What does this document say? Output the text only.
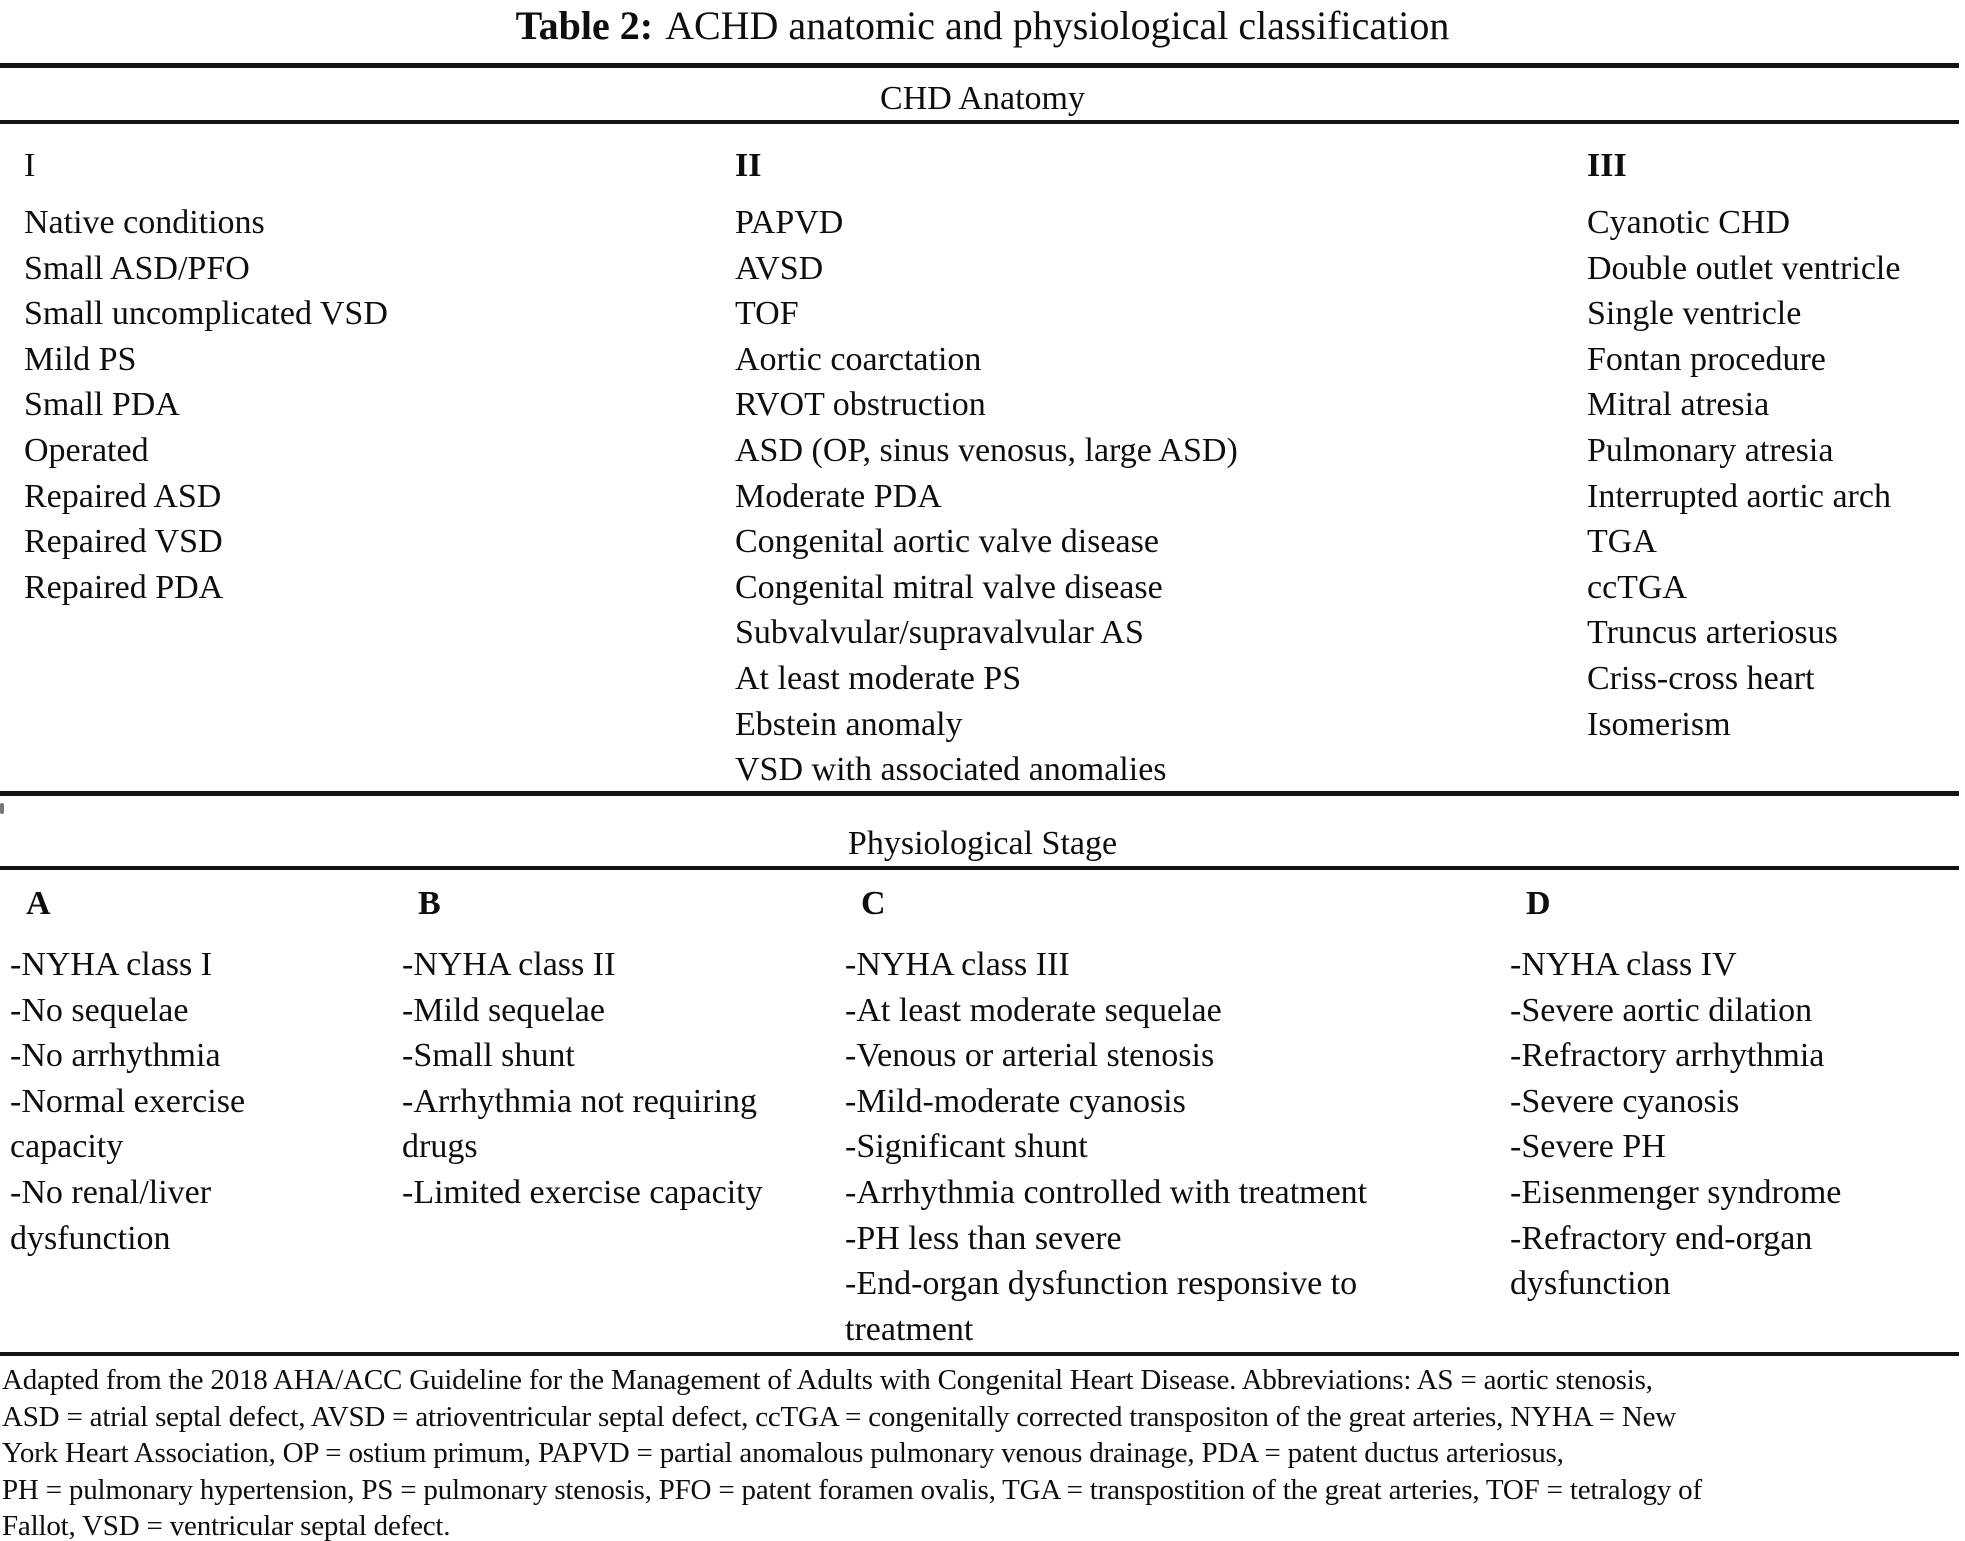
Table 2: ACHD anatomic and physiological classification
CHD Anatomy
I
Native conditions
Small ASD/PFO
Small uncomplicated VSD
Mild PS
Small PDA
Operated
Repaired ASD
Repaired VSD
Repaired PDA
II
PAPVD
AVSD
TOF
Aortic coarctation
RVOT obstruction
ASD (OP, sinus venosus, large ASD)
Moderate PDA
Congenital aortic valve disease
Congenital mitral valve disease
Subvalvular/supravalvular AS
At least moderate PS
Ebstein anomaly
VSD with associated anomalies
III
Cyanotic CHD
Double outlet ventricle
Single ventricle
Fontan procedure
Mitral atresia
Pulmonary atresia
Interrupted aortic arch
TGA
ccTGA
Truncus arteriosus
Criss-cross heart
Isomerism
Physiological Stage
A
-NYHA class I
-No sequelae
-No arrhythmia
-Normal exercise
capacity
-No renal/liver
dysfunction
B
-NYHA class II
-Mild sequelae
-Small shunt
-Arrhythmia not requiring
drugs
-Limited exercise capacity
C
-NYHA class III
-At least moderate sequelae
-Venous or arterial stenosis
-Mild-moderate cyanosis
-Significant shunt
-Arrhythmia controlled with treatment
-PH less than severe
-End-organ dysfunction responsive to
treatment
D
-NYHA class IV
-Severe aortic dilation
-Refractory arrhythmia
-Severe cyanosis
-Severe PH
-Eisenmenger syndrome
-Refractory end-organ
dysfunction
Adapted from the 2018 AHA/ACC Guideline for the Management of Adults with Congenital Heart Disease. Abbreviations: AS = aortic stenosis,
ASD = atrial septal defect, AVSD = atrioventricular septal defect, ccTGA = congenitally corrected transpositon of the great arteries, NYHA = New
York Heart Association, OP = ostium primum, PAPVD = partial anomalous pulmonary venous drainage, PDA = patent ductus arteriosus,
PH = pulmonary hypertension, PS = pulmonary stenosis, PFO = patent foramen ovalis, TGA = transpostition of the great arteries, TOF = tetralogy of
Fallot, VSD = ventricular septal defect.
